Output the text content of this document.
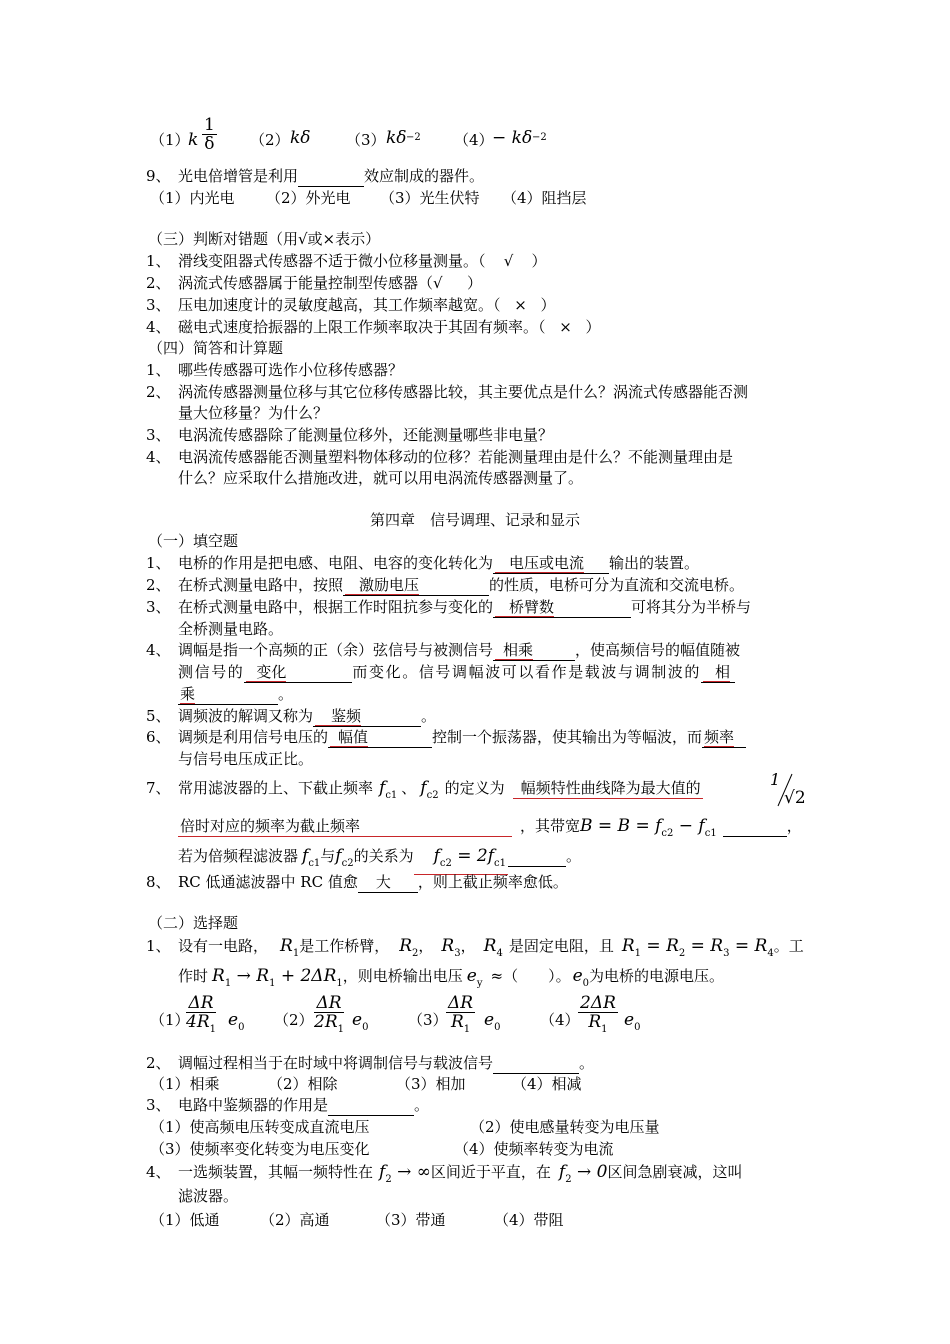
（1）
k $\frac{1}{\delta} (2)$ kδ （3） kδ −2 （4）
− kδ −2
9、 光电倍增管是利用	效应制成的器件。
（1）内光电 （2）外光电 （3）光生伏特 （4）阻挡层
（三）判断对错题（用√或×表示）
1、 滑线变阻器式传感器不适于微小位移量测量。（ √ ）
2、 涡流式传感器属于能量控制型传感器（√ ）
3、 压电加速度计的灵敏度越高，其工作频率越宽。（ × ）
4、 磁电式速度拾振器的上限工作频率取决于其固有频率。（ × ）
（四）简答和计算题
1、 哪些传感器可选作小位移传感器？
2、 涡流传感器测量位移与其它位移传感器比较，其主要优点是什么？涡流式传感器能否测
量大位移量？为什么？
3、 电涡流传感器除了能测量位移外，还能测量哪些非电量？
4、 电涡流传感器能否测量塑料物体移动的位移？若能测量理由是什么？不能测量理由是
什么？应采取什么措施改进，就可以用电涡流传感器测量了。
第四章　信号调理、记录和显示
（一）填空题
1、 电桥的作用是把电感、电阻、电容的变化转化为 电压或电流 输出的装置。
2、 在桥式测量电路中，按照 激励电压	的性质，电桥可分为直流和交流电桥。
3、 在桥式测量电路中，根据工作时阻抗参与变化的 桥臂数	可将其分为半桥与
全桥测量电路。
4、 调幅是指一个高频的正（余）弦信号与被测信号 相乘	，使高频信号的幅值随被
测信号的 变化	而变化。信号调幅波可以看作是载波与调制波的 相
乘	。
5、 调频波的解调又称为 鉴频	。
6、 调频是利用信号电压的 幅值	控制一个振荡器，使其输出为等幅波，而 频率
与信号电压成正比。
7、 常用滤波器的上、下截止频率 $f_{c1}$ 、 $f_{c2}$ 的定义为 幅频特性曲线降为最大值的	1
√2
倍时对应的频率为截止频率	，其带宽$B = B = f_{c2} - f_{c1}$	，
若为倍频程滤波器 $f_{c1}$与$f_{c2}$的关系为 $f_{c2} = 2f_{c1}$	。
8、 RC 低通滤波器中 RC 值愈 大 ，则上截止频率愈低。
（二）选择题
1、 设有一电路， $R_1$是工作桥臂， $R_2$， $R_3$， $R_4$ 是固定电阻，且 $R_1 = R_2 = R_3 = R_4$。工
作时 $R_1 \to R_1 + 2\Delta R_1$，则电桥输出电压 $e_y$ ≈（　　）。 $e_0$为电桥的电源电压。
（1）
$\frac{\Delta R}{4R_1} e_0$ $(2) \frac{\Delta R}{2R_1} e_0$	（3）
$\frac{\Delta R}{R_1} e_0$	（4）
$\frac{2\Delta R}{R_1} e_0$
2、 调幅过程相当于在时域中将调制信号与载波信号	。
（1）相乘	（2）相除	（3）相加	（4）相减
3、 电路中鉴频器的作用是	。
（1）使高频电压转变成直流电压	（2）使电感量转变为电压量
（3）使频率变化转变为电压变化	（4）使频率转变为电流
4、 一选频装置，其幅一频特性在 $f_2$ → ∞区间近于平直，在 $f_2 \to 0$区间急剧衰减，这叫
滤波器。
（1）低通	（2）高通	（3）带通	（4）带阻
